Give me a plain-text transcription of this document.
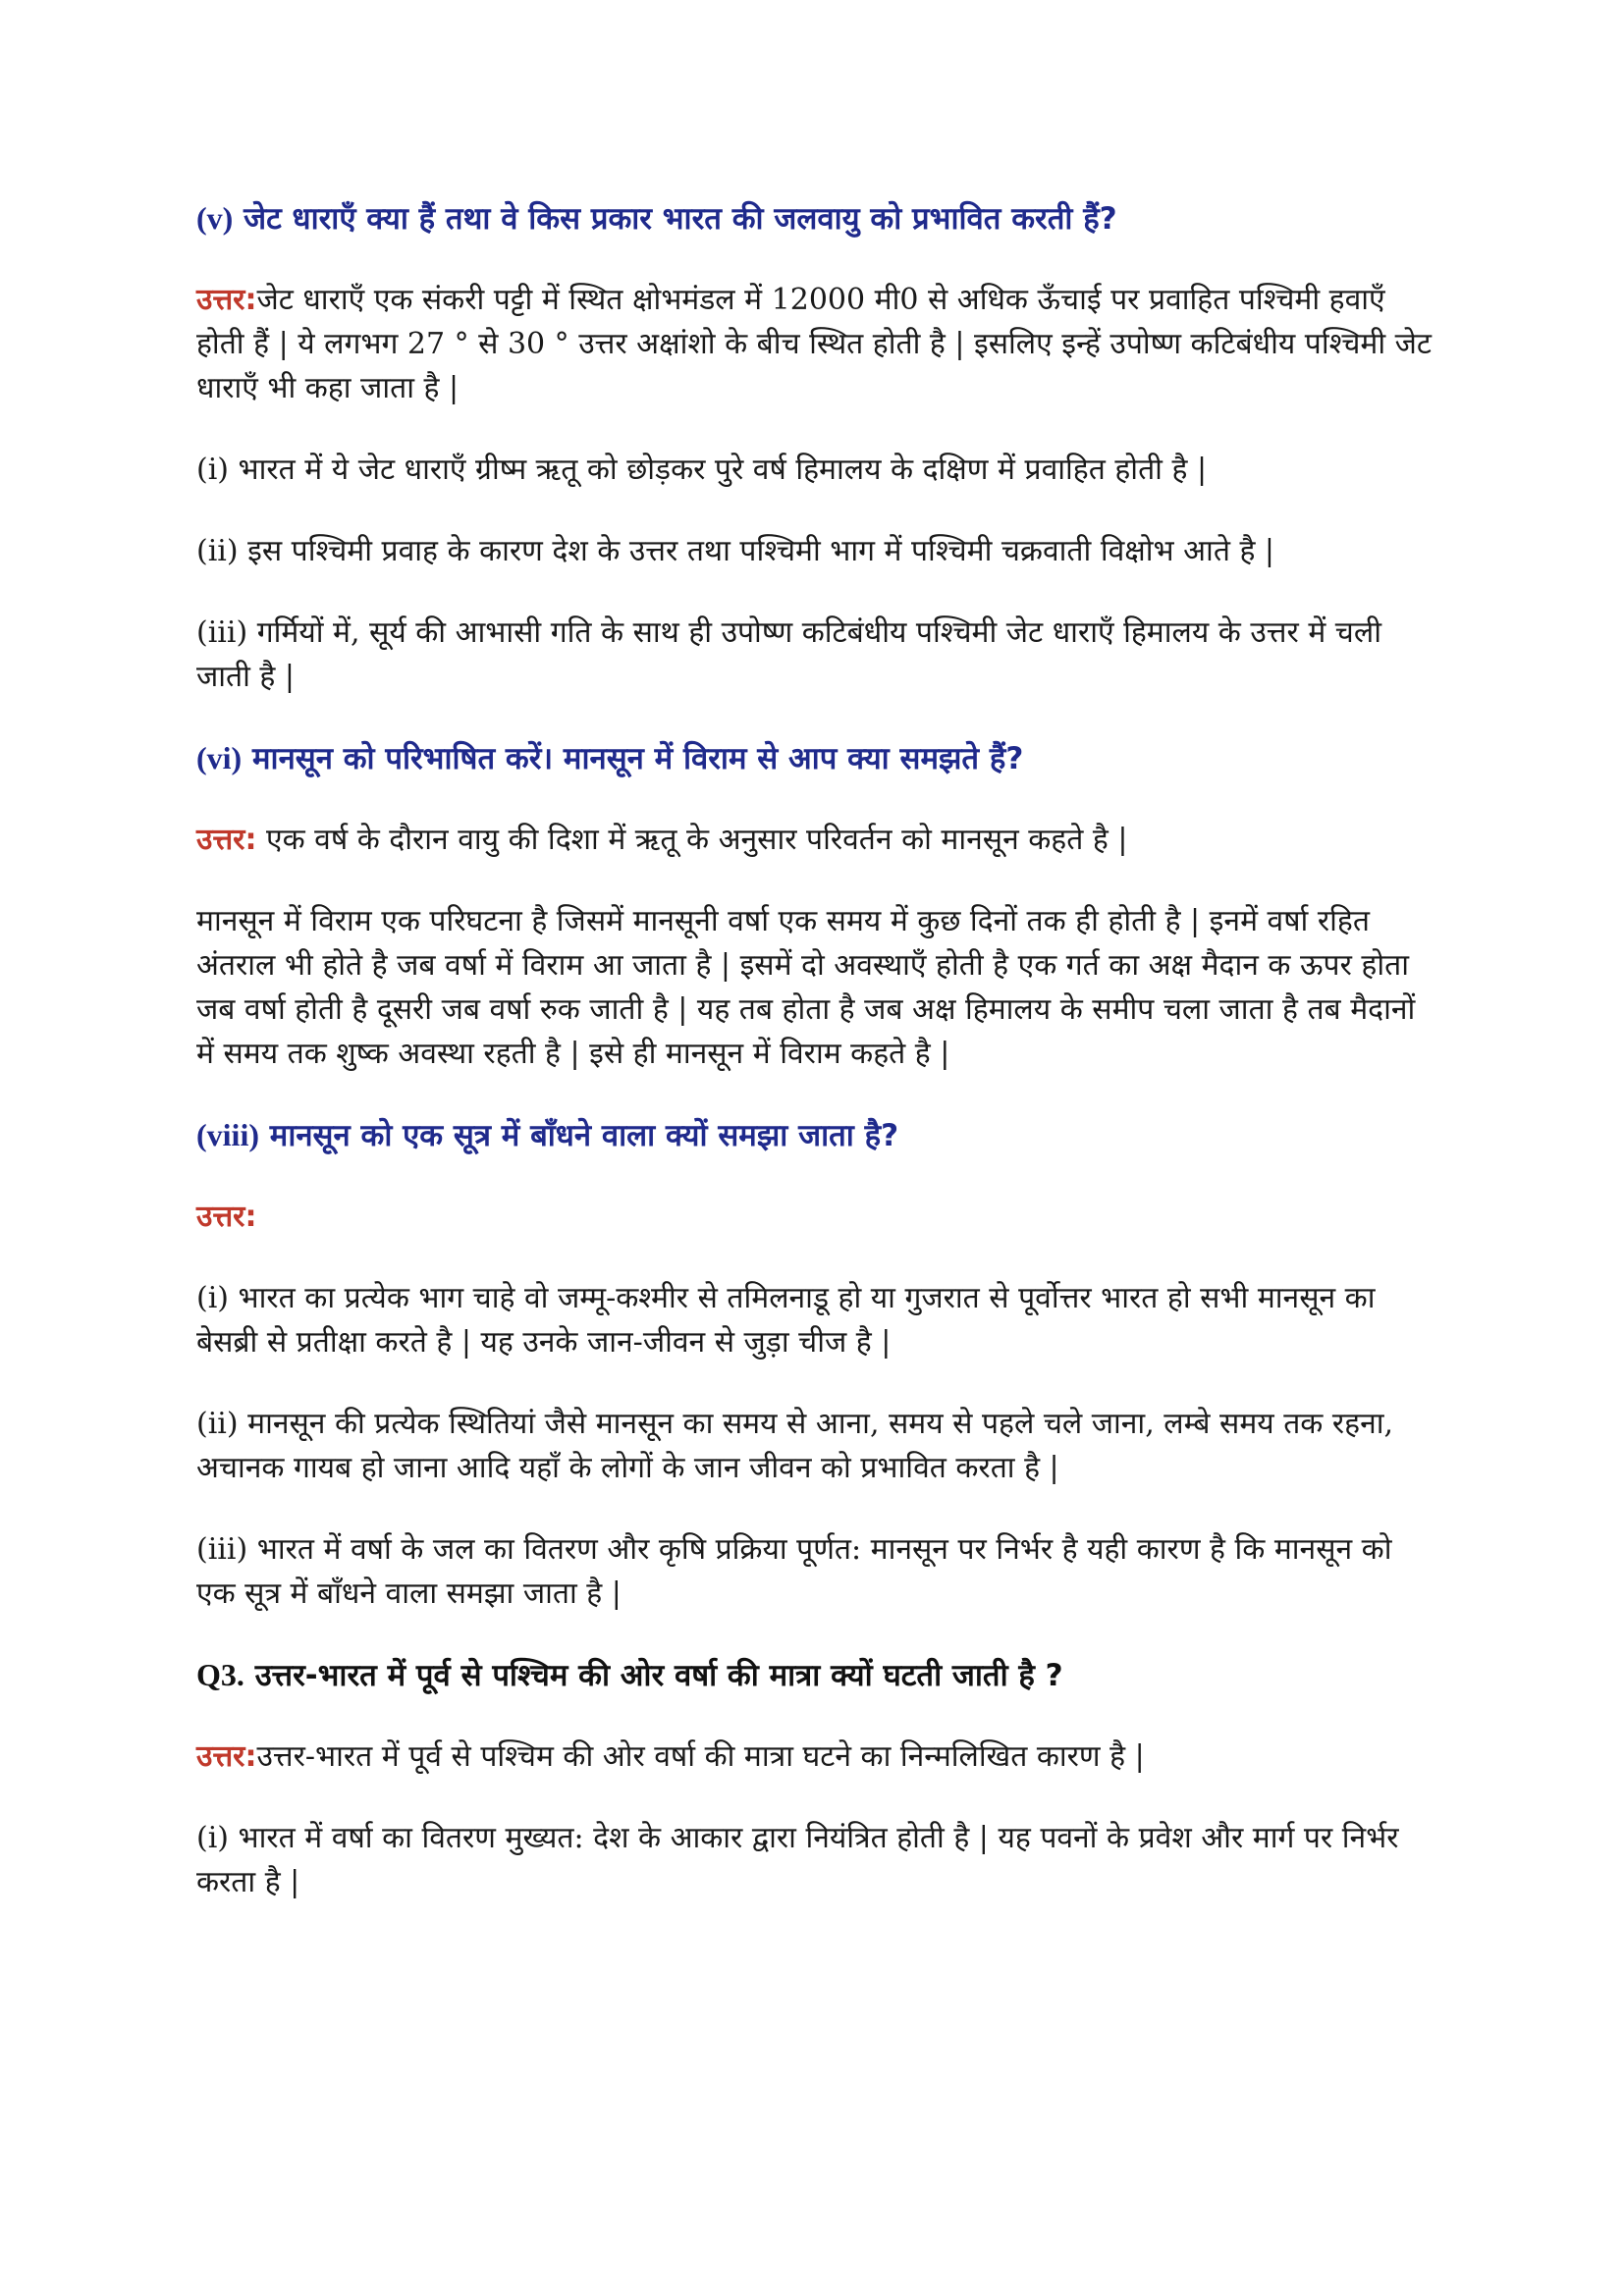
(v) जेट धाराएँ क्या हैं तथा वे किस प्रकार भारत की जलवायु को प्रभावित करती हैं?
उत्तर:जेट धाराएँ एक संकरी पट्टी में स्थित क्षोभमंडल में 12000 मी0 से अधिक ऊँचाई पर प्रवाहित पश्चिमी हवाएँ होती हैं | ये लगभग 27 ° से 30 ° उत्तर अक्षांशो के बीच स्थित होती है | इसलिए इन्हें उपोष्ण कटिबंधीय पश्चिमी जेट धाराएँ भी कहा जाता है |
(i) भारत में ये जेट धाराएँ ग्रीष्म ऋतू को छोड़कर पुरे वर्ष हिमालय के दक्षिण में प्रवाहित होती है |
(ii) इस पश्चिमी प्रवाह के कारण देश के उत्तर तथा पश्चिमी भाग में पश्चिमी चक्रवाती विक्षोभ आते है |
(iii) गर्मियों में, सूर्य की आभासी गति के साथ ही उपोष्ण कटिबंधीय पश्चिमी जेट धाराएँ हिमालय के उत्तर में चली जाती है |
(vi) मानसून को परिभाषित करें। मानसून में विराम से आप क्या समझते हैं?
उत्तर: एक वर्ष के दौरान वायु की दिशा में ऋतू के अनुसार परिवर्तन को मानसून कहते है |
मानसून में विराम एक परिघटना है जिसमें मानसूनी वर्षा एक समय में कुछ दिनों तक ही होती है | इनमें वर्षा रहित अंतराल भी होते है जब वर्षा में विराम आ जाता है | इसमें दो अवस्थाएँ होती है एक गर्त का अक्ष मैदान क ऊपर होता जब वर्षा होती है दूसरी जब वर्षा रुक जाती है | यह तब होता है जब अक्ष हिमालय के समीप चला जाता है तब मैदानों में समय तक शुष्क अवस्था रहती है | इसे ही मानसून में विराम कहते है |
(viii) मानसून को एक सूत्र में बाँधने वाला क्यों समझा जाता है?
उत्तर:
(i) भारत का प्रत्येक भाग चाहे वो जम्मू-कश्मीर से तमिलनाडू हो या गुजरात से पूर्वोत्तर भारत हो सभी मानसून का बेसब्री से प्रतीक्षा करते है | यह उनके जान-जीवन से जुड़ा चीज है |
(ii) मानसून की प्रत्येक स्थितियां जैसे मानसून का समय से आना, समय से पहले चले जाना, लम्बे समय तक रहना, अचानक गायब हो जाना आदि यहाँ के लोगों के जान जीवन को प्रभावित करता है |
(iii) भारत में वर्षा के जल का वितरण और कृषि प्रक्रिया पूर्णत: मानसून पर निर्भर है यही कारण है कि मानसून को एक सूत्र में बाँधने वाला समझा जाता है |
Q3. उत्तर-भारत में पूर्व से पश्चिम की ओर वर्षा की मात्रा क्यों घटती जाती है ?
उत्तर:उत्तर-भारत में पूर्व से पश्चिम की ओर वर्षा की मात्रा घटने का निन्मलिखित कारण है |
(i) भारत में वर्षा का वितरण मुख्यत: देश के आकार द्वारा नियंत्रित होती है | यह पवनों के प्रवेश और मार्ग पर निर्भर करता है |
